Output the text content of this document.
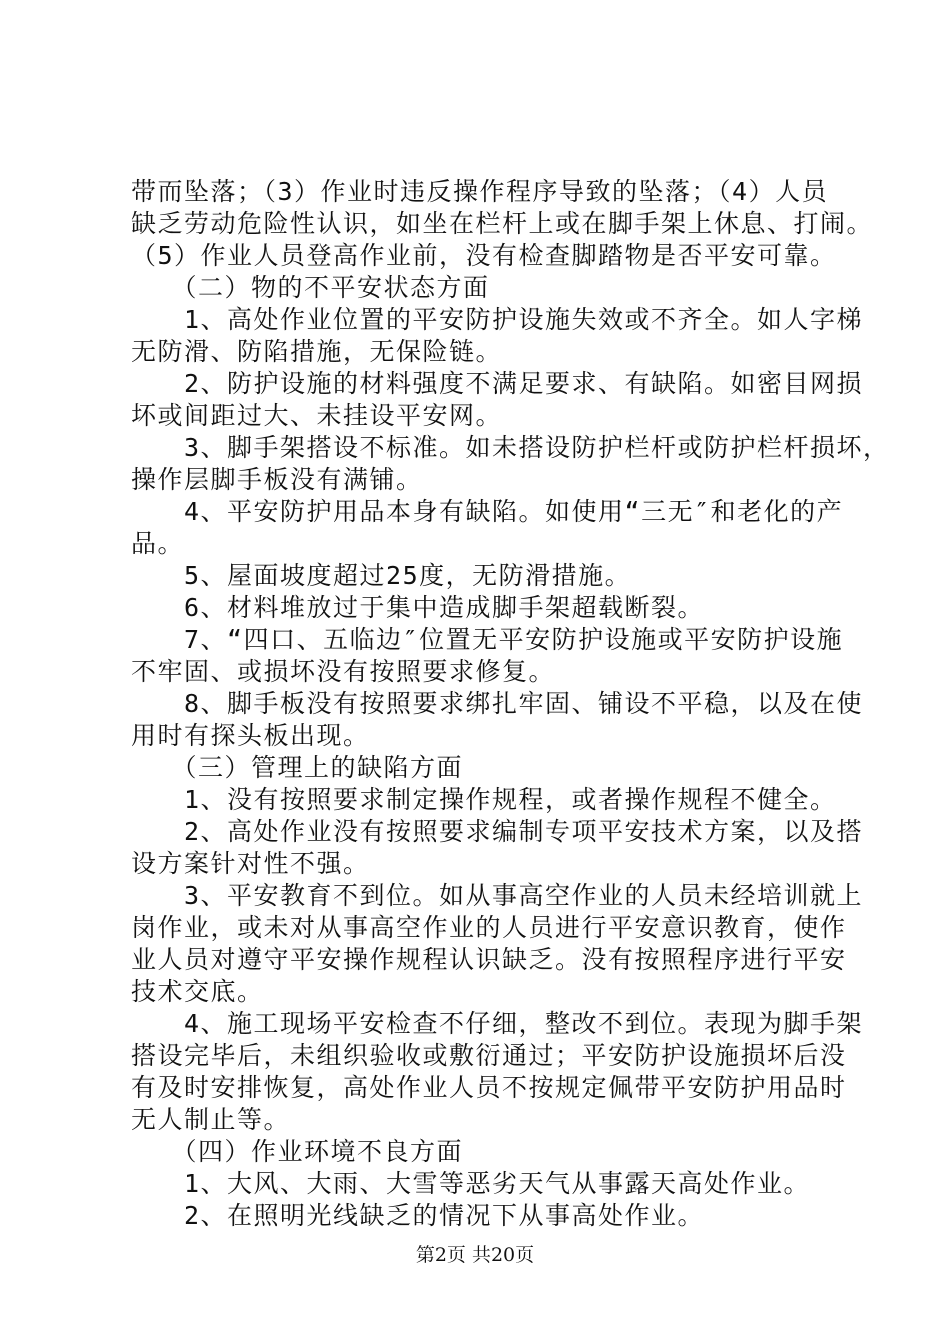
带而坠落；（3）作业时违反操作程序导致的坠落；（4）人员
缺乏劳动危险性认识，如坐在栏杆上或在脚手架上休息、打闹。
（5）作业人员登高作业前，没有检查脚踏物是否平安可靠。
　　（二）物的不平安状态方面
　　1、高处作业位置的平安防护设施失效或不齐全。如人字梯
无防滑、防陷措施，无保险链。
　　2、防护设施的材料强度不满足要求、有缺陷。如密目网损
坏或间距过大、未挂设平安网。
　　3、脚手架搭设不标准。如未搭设防护栏杆或防护栏杆损坏，
操作层脚手板没有满铺。
　　4、平安防护用品本身有缺陷。如使用“三无″和老化的产
品。
　　5、屋面坡度超过25度，无防滑措施。
　　6、材料堆放过于集中造成脚手架超载断裂。
　　7、“四口、五临边″位置无平安防护设施或平安防护设施
不牢固、或损坏没有按照要求修复。
　　8、脚手板没有按照要求绑扎牢固、铺设不平稳，以及在使
用时有探头板出现。
　　（三）管理上的缺陷方面
　　1、没有按照要求制定操作规程，或者操作规程不健全。
　　2、高处作业没有按照要求编制专项平安技术方案，以及搭
设方案针对性不强。
　　3、平安教育不到位。如从事高空作业的人员未经培训就上
岗作业，或未对从事高空作业的人员进行平安意识教育，使作
业人员对遵守平安操作规程认识缺乏。没有按照程序进行平安
技术交底。
　　4、施工现场平安检查不仔细，整改不到位。表现为脚手架
搭设完毕后，未组织验收或敷衍通过；平安防护设施损坏后没
有及时安排恢复，高处作业人员不按规定佩带平安防护用品时
无人制止等。
　　（四）作业环境不良方面
　　1、大风、大雨、大雪等恶劣天气从事露天高处作业。
　　2、在照明光线缺乏的情况下从事高处作业。
第2页 共20页
